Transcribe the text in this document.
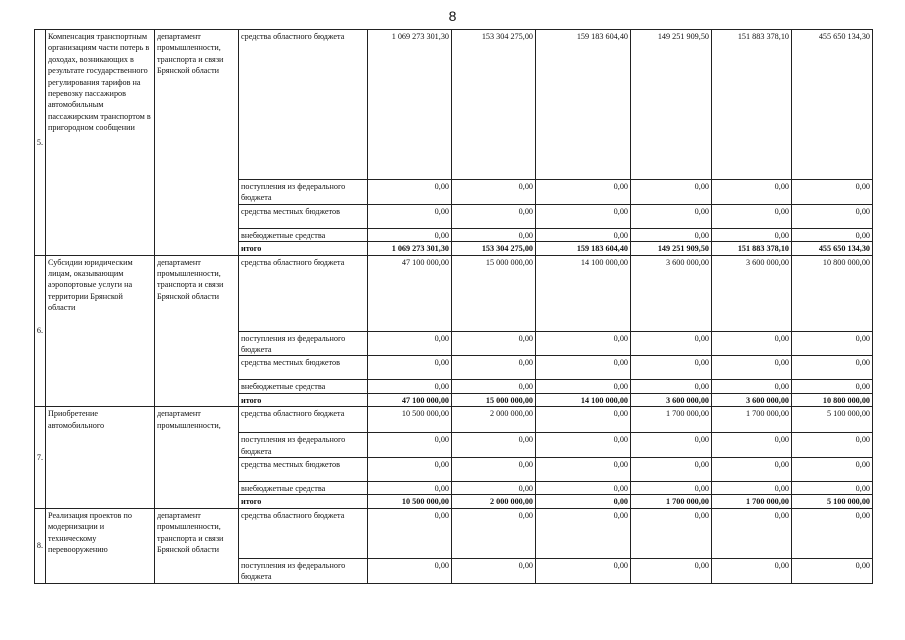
8
5.	Компенсация транспортным организациям части потерь в доходах, возникающих в результате государственного регулирования тарифов на перевозку пассажиров автомобильным пассажирским транспортом в пригородном сообщении	департамент промышленности, транспорта и связи Брянской области	средства областного бюджета	1 069 273 301,30	153 304 275,00	159 183 604,40	149 251 909,50	151 883 378,10	455 650 134,30
			поступления из федерального бюджета	0,00	0,00	0,00	0,00	0,00	0,00
			средства местных бюджетов	0,00	0,00	0,00	0,00	0,00	0,00
			внебюджетные средства	0,00	0,00	0,00	0,00	0,00	0,00
			итого	1 069 273 301,30	153 304 275,00	159 183 604,40	149 251 909,50	151 883 378,10	455 650 134,30
6.	Субсидии юридическим лицам, оказывающим аэропортовые услуги на территории Брянской области	департамент промышленности, транспорта и связи Брянской области	средства областного бюджета	47 100 000,00	15 000 000,00	14 100 000,00	3 600 000,00	3 600 000,00	10 800 000,00
			поступления из федерального бюджета	0,00	0,00	0,00	0,00	0,00	0,00
			средства местных бюджетов	0,00	0,00	0,00	0,00	0,00	0,00
			внебюджетные средства	0,00	0,00	0,00	0,00	0,00	0,00
			итого	47 100 000,00	15 000 000,00	14 100 000,00	3 600 000,00	3 600 000,00	10 800 000,00
7.	Приобретение автомобильного	департамент промышленности,	средства областного бюджета	10 500 000,00	2 000 000,00	0,00	1 700 000,00	1 700 000,00	5 100 000,00
			поступления из федерального бюджета	0,00	0,00	0,00	0,00	0,00	0,00
			средства местных бюджетов	0,00	0,00	0,00	0,00	0,00	0,00
			внебюджетные средства	0,00	0,00	0,00	0,00	0,00	0,00
			итого	10 500 000,00	2 000 000,00	0,00	1 700 000,00	1 700 000,00	5 100 000,00
8.	Реализация проектов по модернизации и техническому перевооружению	департамент промышленности, транспорта и связи Брянской области	средства областного бюджета	0,00	0,00	0,00	0,00	0,00	0,00
			поступления из федерального бюджета	0,00	0,00	0,00	0,00	0,00	0,00
